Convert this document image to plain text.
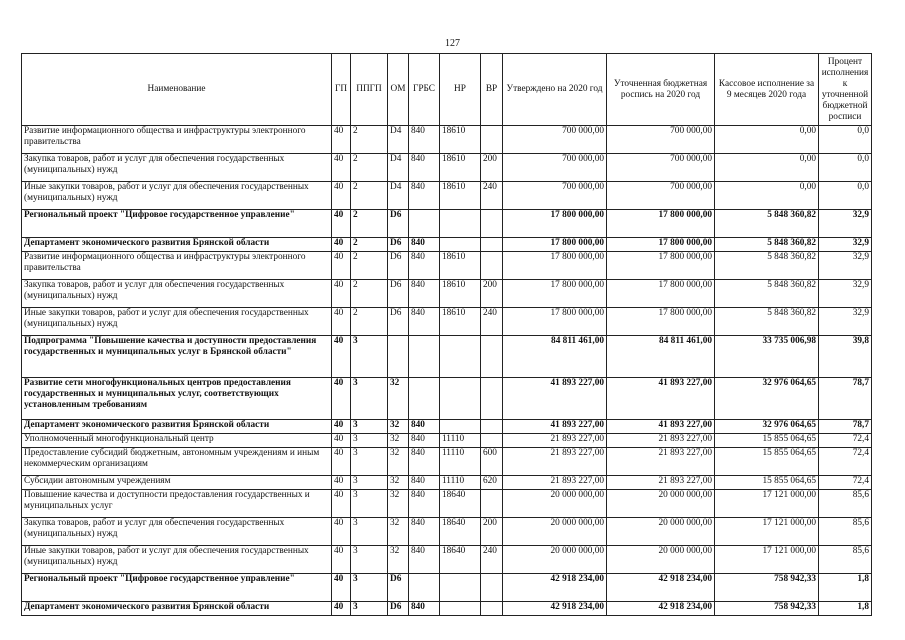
127
Наименование	ГП	ППГП	ОМ	ГРБС	НР	ВР	Утверждено на 2020 год	Уточненная бюджетная роспись на 2020 год	Кассовое исполнение за 9 месяцев 2020 года	Процент исполнения к уточненной бюджетной росписи
Развитие информационного общества и инфраструктуры электронного правительства	40	2	D4	840	18610		700 000,00	700 000,00	0,00	0,0
Закупка товаров, работ и услуг для обеспечения государственных (муниципальных) нужд	40	2	D4	840	18610	200	700 000,00	700 000,00	0,00	0,0
Иные закупки товаров, работ и услуг для обеспечения государственных (муниципальных) нужд	40	2	D4	840	18610	240	700 000,00	700 000,00	0,00	0,0
Региональный проект "Цифровое государственное управление"	40	2	D6				17 800 000,00	17 800 000,00	5 848 360,82	32,9
Департамент экономического развития Брянской области	40	2	D6	840			17 800 000,00	17 800 000,00	5 848 360,82	32,9
Развитие информационного общества и инфраструктуры электронного правительства	40	2	D6	840	18610		17 800 000,00	17 800 000,00	5 848 360,82	32,9
Закупка товаров, работ и услуг для обеспечения государственных (муниципальных) нужд	40	2	D6	840	18610	200	17 800 000,00	17 800 000,00	5 848 360,82	32,9
Иные закупки товаров, работ и услуг для обеспечения государственных (муниципальных) нужд	40	2	D6	840	18610	240	17 800 000,00	17 800 000,00	5 848 360,82	32,9
Подпрограмма "Повышение качества и доступности предоставления государственных и муниципальных услуг в Брянской области"	40	3					84 811 461,00	84 811 461,00	33 735 006,98	39,8
Развитие сети многофункциональных центров предоставления государственных и муниципальных услуг, соответствующих установленным требованиям	40	3	32				41 893 227,00	41 893 227,00	32 976 064,65	78,7
Департамент экономического развития Брянской области	40	3	32	840			41 893 227,00	41 893 227,00	32 976 064,65	78,7
Уполномоченный многофункциональный центр	40	3	32	840	11110		21 893 227,00	21 893 227,00	15 855 064,65	72,4
Предоставление субсидий бюджетным, автономным учреждениям и иным некоммерческим организациям	40	3	32	840	11110	600	21 893 227,00	21 893 227,00	15 855 064,65	72,4
Субсидии автономным учреждениям	40	3	32	840	11110	620	21 893 227,00	21 893 227,00	15 855 064,65	72,4
Повышение качества и доступности предоставления государственных и муниципальных услуг	40	3	32	840	18640		20 000 000,00	20 000 000,00	17 121 000,00	85,6
Закупка товаров, работ и услуг для обеспечения государственных (муниципальных) нужд	40	3	32	840	18640	200	20 000 000,00	20 000 000,00	17 121 000,00	85,6
Иные закупки товаров, работ и услуг для обеспечения государственных (муниципальных) нужд	40	3	32	840	18640	240	20 000 000,00	20 000 000,00	17 121 000,00	85,6
Региональный проект "Цифровое государственное управление"	40	3	D6				42 918 234,00	42 918 234,00	758 942,33	1,8
Департамент экономического развития Брянской области	40	3	D6	840			42 918 234,00	42 918 234,00	758 942,33	1,8
